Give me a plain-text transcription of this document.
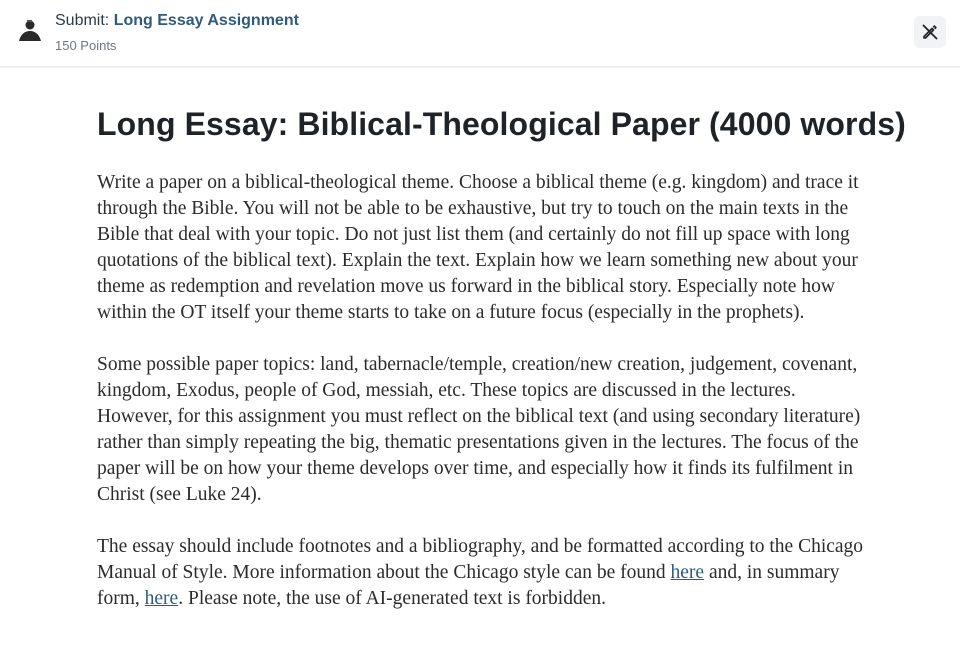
Submit: Long Essay Assignment
150 Points
Long Essay: Biblical-Theological Paper (4000 words)

Write a paper on a biblical-theological theme. Choose a biblical theme (e.g. kingdom) and trace it through the Bible. You will not be able to be exhaustive, but try to touch on the main texts in the Bible that deal with your topic. Do not just list them (and certainly do not fill up space with long quotations of the biblical text). Explain the text. Explain how we learn something new about your theme as redemption and revelation move us forward in the biblical story. Especially note how within the OT itself your theme starts to take on a future focus (especially in the prophets).

Some possible paper topics: land, tabernacle/temple, creation/new creation, judgement, covenant, kingdom, Exodus, people of God, messiah, etc. These topics are discussed in the lectures. However, for this assignment you must reflect on the biblical text (and using secondary literature) rather than simply repeating the big, thematic presentations given in the lectures. The focus of the paper will be on how your theme develops over time, and especially how it finds its fulfilment in Christ (see Luke 24).

The essay should include footnotes and a bibliography, and be formatted according to the Chicago Manual of Style. More information about the Chicago style can be found here and, in summary form, here. Please note, the use of AI-generated text is forbidden.
